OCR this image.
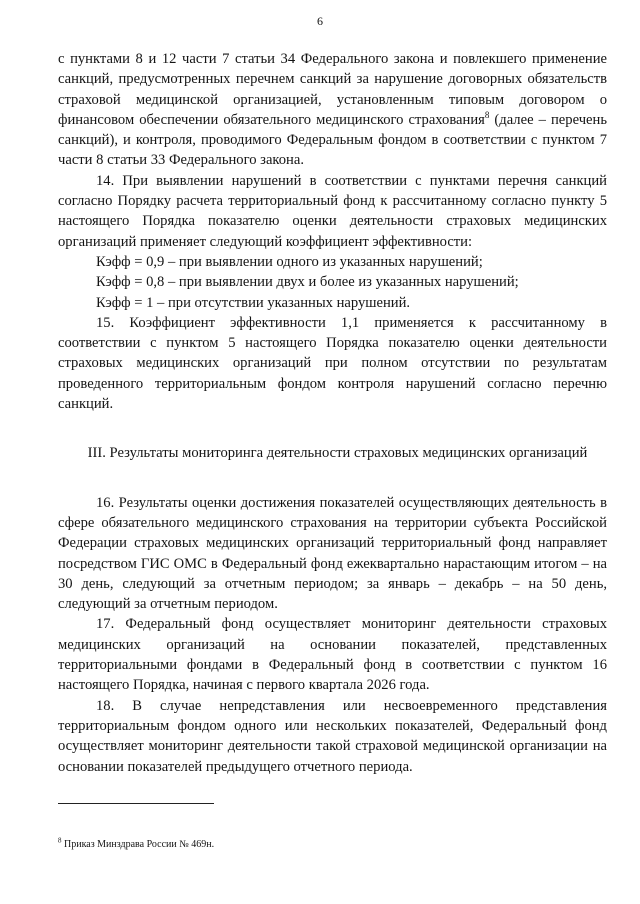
6

с пунктами 8 и 12 части 7 статьи 34 Федерального закона и повлекшего применение санкций, предусмотренных перечнем санкций за нарушение договорных обязательств страховой медицинской организацией, установленным типовым договором о финансовом обеспечении обязательного медицинского страхования$^8$ (далее – перечень санкций), и контроля, проводимого Федеральным фондом в соответствии с пунктом 7 части 8 статьи 33 Федерального закона.

14. При выявлении нарушений в соответствии с пунктами перечня санкций согласно Порядку расчета территориальный фонд к рассчитанному согласно пункту 5 настоящего Порядка показателю оценки деятельности страховых медицинских организаций применяет следующий коэффициент эффективности:

Кэфф = 0,9 – при выявлении одного из указанных нарушений;

Кэфф = 0,8 – при выявлении двух и более из указанных нарушений;

Кэфф = 1 – при отсутствии указанных нарушений.

15. Коэффициент эффективности 1,1 применяется к рассчитанному в соответствии с пунктом 5 настоящего Порядка показателю оценки деятельности страховых медицинских организаций при полном отсутствии по результатам проведенного территориальным фондом контроля нарушений согласно перечню санкций.

III. Результаты мониторинга деятельности страховых медицинских организаций

16. Результаты оценки достижения показателей осуществляющих деятельность в сфере обязательного медицинского страхования на территории субъекта Российской Федерации страховых медицинских организаций территориальный фонд направляет посредством ГИС ОМС в Федеральный фонд ежеквартально нарастающим итогом – на 30 день, следующий за отчетным периодом; за январь – декабрь – на 50 день, следующий за отчетным периодом.

17. Федеральный фонд осуществляет мониторинг деятельности страховых медицинских организаций на основании показателей, представленных территориальными фондами в Федеральный фонд в соответствии с пунктом 16 настоящего Порядка, начиная с первого квартала 2026 года.

18. В случае непредставления или несвоевременного представления территориальным фондом одного или нескольких показателей, Федеральный фонд осуществляет мониторинг деятельности такой страховой медицинской организации на основании показателей предыдущего отчетного периода.

$^8$ Приказ Минздрава России № 469н.
